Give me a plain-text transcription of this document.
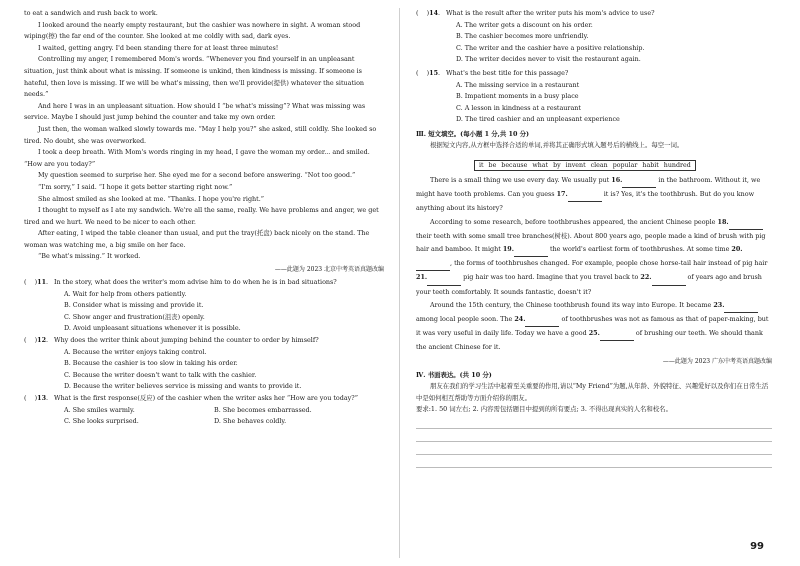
to eat a sandwich and rush back to work.

I looked around the nearly empty restaurant, but the cashier was nowhere in sight. A woman stood wiping(擦) the far end of the counter. She looked at me coldly with sad, dark eyes.

I waited, getting angry. I'd been standing there for at least three minutes!

Controlling my anger, I remembered Mom's words. “Whenever you find yourself in an unpleasant situation, just think about what is missing. If someone is unkind, then kindness is missing. If someone is hateful, then love is missing. If we will be what's missing, then we'll provide(提供) whatever the situation needs.”

And here I was in an unpleasant situation. How should I “be what's missing”? What was missing was service. Maybe I should just jump behind the counter and take my own order.

Just then, the woman walked slowly towards me. “May I help you?” she asked, still coldly. She looked so tired. No doubt, she was overworked.

I took a deep breath. With Mom's words ringing in my head, I gave the woman my order... and smiled. “How are you today?”

My question seemed to surprise her. She eyed me for a second before answering. “Not too good.”

“I'm sorry,” I said. “I hope it gets better starting right now.”

She almost smiled as she looked at me. “Thanks. I hope you're right.”

I thought to myself as I ate my sandwich. We're all the same, really. We have problems and anger, we get tired and we hurt. We need to be nicer to each other.

After eating, I wiped the table cleaner than usual, and put the tray(托盘) back nicely on the stand. The woman was watching me, a big smile on her face.

“Be what's missing.” It worked.

——此题为 2023 北京中考英语真题改编
(    )11. In the story, what does the writer's mom advise him to do when he is in bad situations?
A. Wait for help from others patiently.
B. Consider what is missing and provide it.
C. Show anger and frustration(沮丧) openly.
D. Avoid unpleasant situations whenever it is possible.
(    )12. Why does the writer think about jumping behind the counter to order by himself?
A. Because the writer enjoys taking control.
B. Because the cashier is too slow in taking his order.
C. Because the writer doesn't want to talk with the cashier.
D. Because the writer believes service is missing and wants to provide it.
(    )13. What is the first response(反应) of the cashier when the writer asks her “How are you today?”
A. She smiles warmly.	B. She becomes embarrassed.
C. She looks surprised.	D. She behaves coldly.
(    )14. What is the result after the writer puts his mom's advice to use?
A. The writer gets a discount on his order.
B. The cashier becomes more unfriendly.
C. The writer and the cashier have a positive relationship.
D. The writer decides never to visit the restaurant again.
(    )15. What's the best title for this passage?
A. The missing service in a restaurant
B. Impatient moments in a busy place
C. A lesson in kindness at a restaurant
D. The tired cashier and an unpleasant experience
Ⅲ. 短文填空。(每小题 1 分,共 10 分)

根据短文内容,从方框中选择合适的单词,并将其正确形式填入题号后的横线上。每空一词。

it be because what by invent clean popular habit hundred

There is a small thing we use every day. We usually put 16.	in the bathroom. Without it, we might have tooth problems. Can you guess 17.	it is? Yes, it's the toothbrush. But do you know anything about its history?

According to some research, before toothbrushes appeared, the ancient Chinese people 18.  their teeth with some small tree branches(树枝). About 800 years ago, people made a kind of brush with pig hair and bamboo. It might 19.	the world's earliest form of toothbrushes. At some time 20. , the forms of toothbrushes changed. For example, people chose horse-tail hair instead of pig hair 21.	pig hair was too hard. Imagine that you travel back to 22.	of years ago and brush your teeth comfortably. It sounds fantastic, doesn't it?

Around the 15th century, the Chinese toothbrush found its way into Europe. It became 23.  among local people soon. The 24.	of toothbrushes was not as famous as that of paper-making, but it was very useful in daily life. Today we have a good 25.	of brushing our teeth. We should thank the ancient Chinese for it.

——此题为 2023 广东中考英语真题改编
Ⅳ. 书面表达。(共 10 分)

朋友在我们的学习生活中起着至关重要的作用,请以“My Friend”为题,从年龄、外貌特征、兴趣爱好以及你们在日常生活中是如何相互帮助等方面介绍你的朋友。

要求:1. 50 词左右; 2. 内容需包括题目中提到的所有要点; 3. 不得出现真实的人名和校名。

99
